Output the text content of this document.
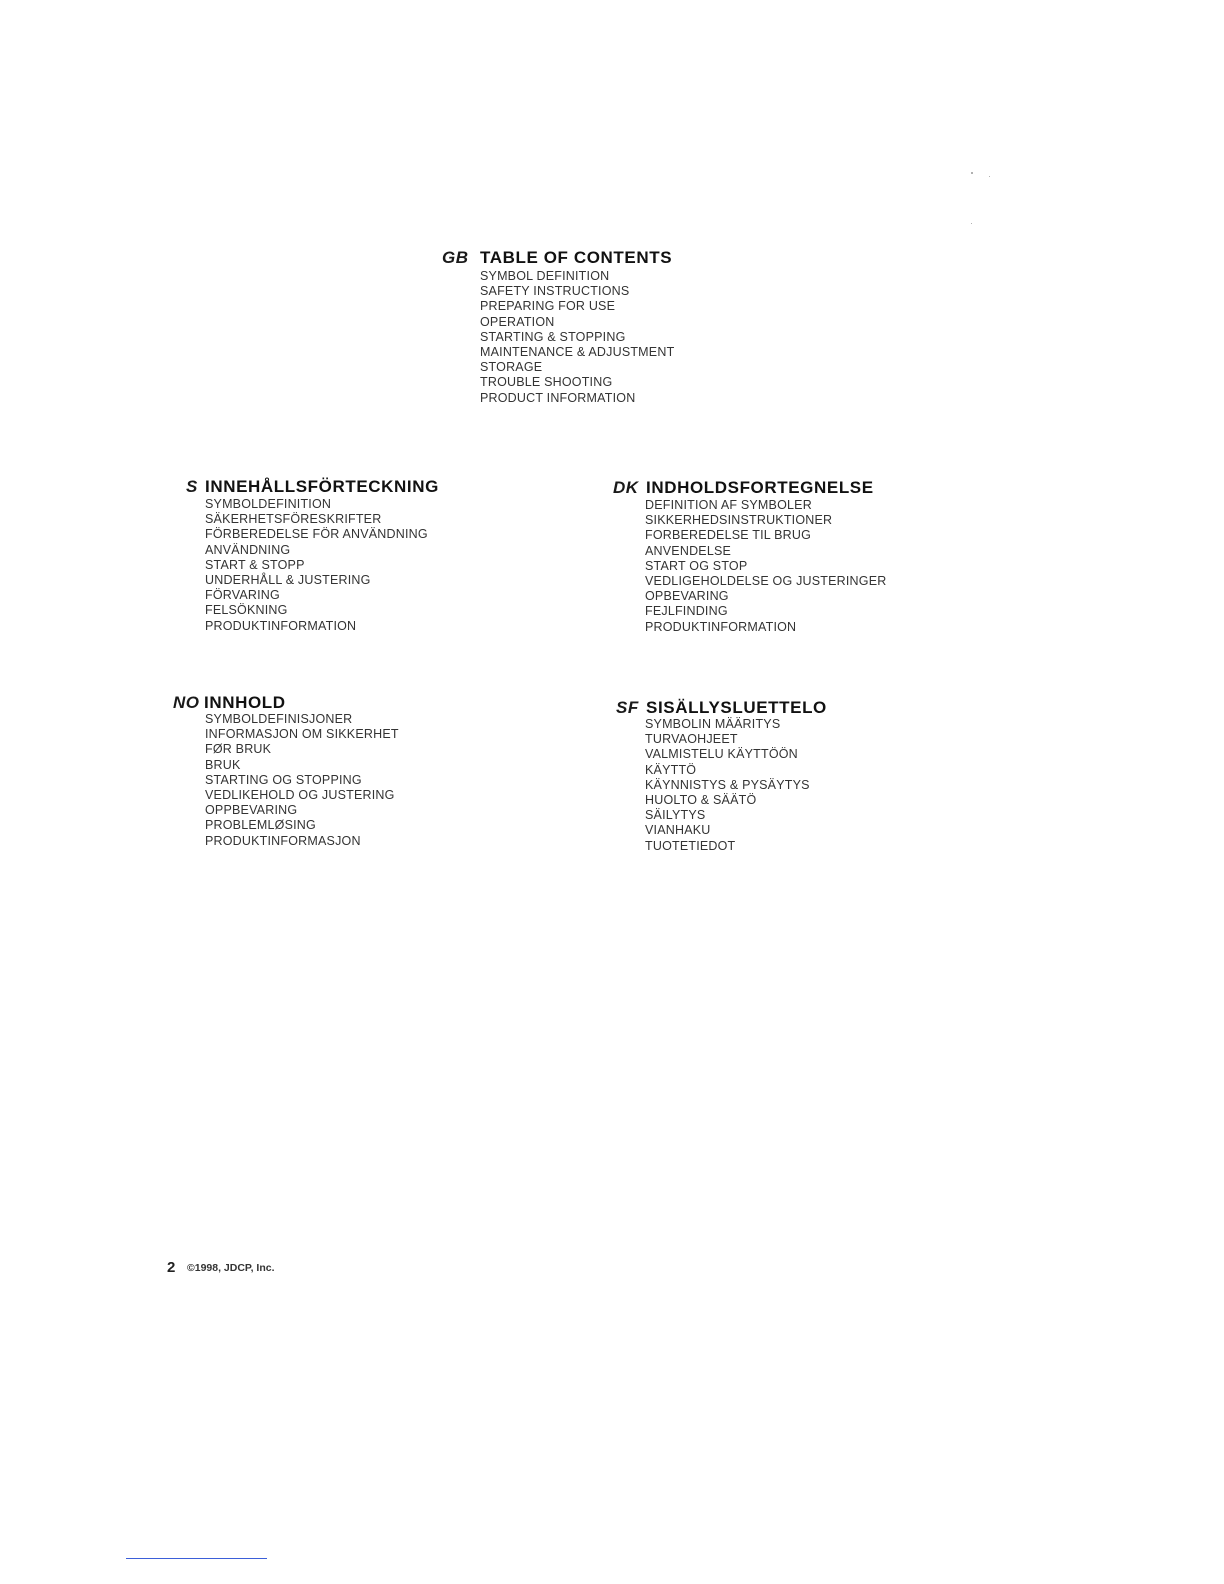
GB TABLE OF CONTENTS
SYMBOL DEFINITION
SAFETY INSTRUCTIONS
PREPARING FOR USE
OPERATION
STARTING & STOPPING
MAINTENANCE & ADJUSTMENT
STORAGE
TROUBLE SHOOTING
PRODUCT INFORMATION
S INNEHÅLLSFÖRTECKNING
SYMBOLDEFINITION
SÄKERHETSFÖRESKRIFTER
FÖRBEREDELSE FÖR ANVÄNDNING
ANVÄNDNING
START & STOPP
UNDERHÅLL & JUSTERING
FÖRVARING
FELSÖKNING
PRODUKTINFORMATION
DK INDHOLDSFORTEGNELSE
DEFINITION AF SYMBOLER
SIKKERHEDSINSTRUKTIONER
FORBEREDELSE TIL BRUG
ANVENDELSE
START OG STOP
VEDLIGEHOLDELSE OG JUSTERINGER
OPBEVARING
FEJLFINDING
PRODUKTINFORMATION
NO INNHOLD
SYMBOLDEFINISJONER
INFORMASJON OM SIKKERHET
FØR BRUK
BRUK
STARTING OG STOPPING
VEDLIKEHOLD OG JUSTERING
OPPBEVARING
PROBLEMLØSING
PRODUKTINFORMASJON
SF SISÄLLYSLUETTELO
SYMBOLIN MÄÄRITYS
TURVAOHJEET
VALMISTELU KÄYTTÖÖN
KÄYTTÖ
KÄYNNISTYS & PYSÄYTYS
HUOLTO & SÄÄTÖ
SÄILYTYS
VIANHAKU
TUOTETIEDOT
2 ©1998, JDCP, Inc.
